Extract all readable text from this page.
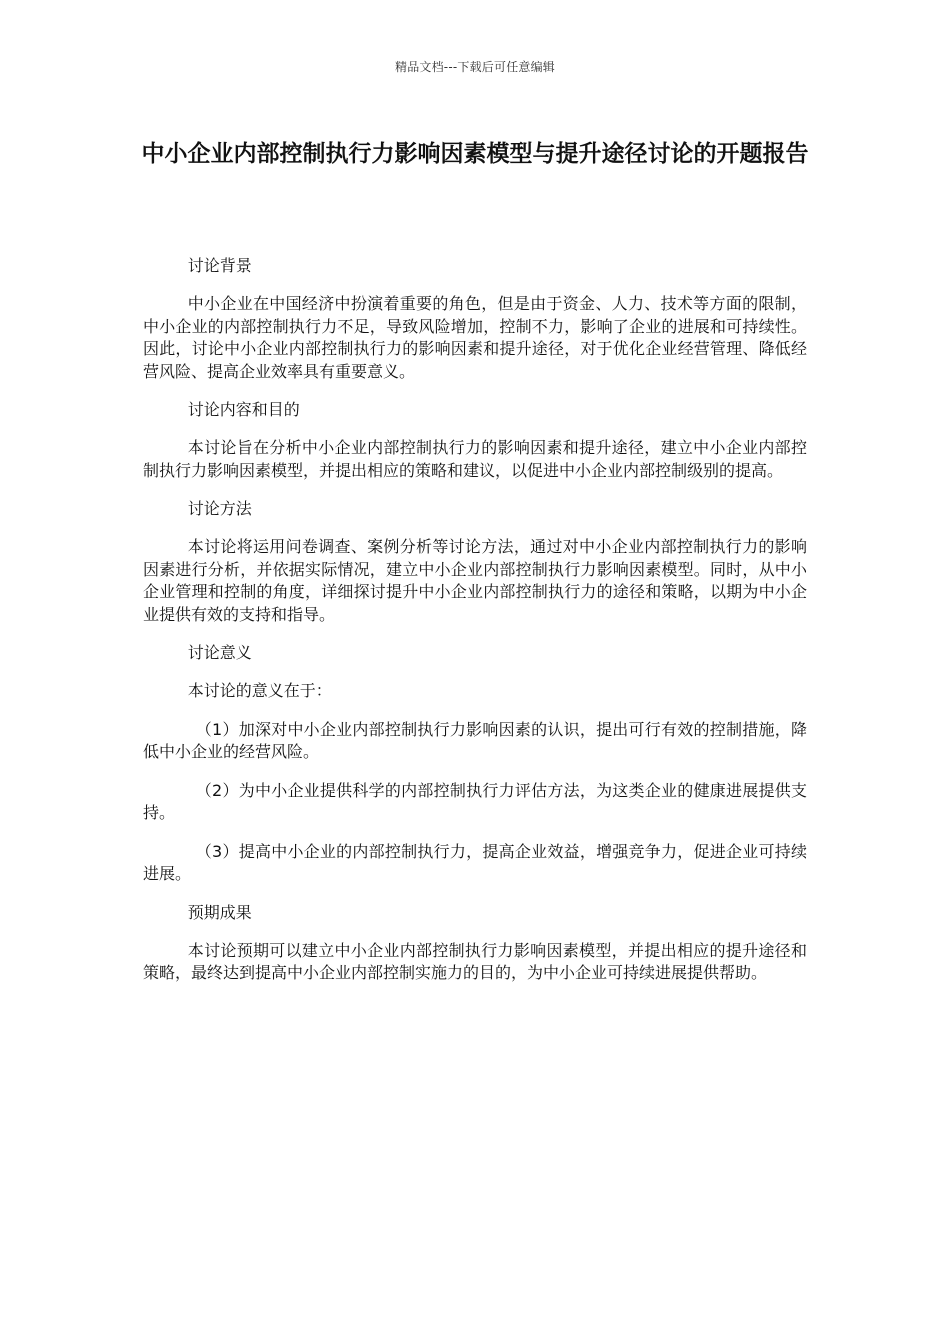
精品文档---下载后可任意编辑
中小企业内部控制执行力影响因素模型与提升途径讨论的开题报告
讨论背景
中小企业在中国经济中扮演着重要的角色，但是由于资金、人力、技术等方面的限制，中小企业的内部控制执行力不足，导致风险增加，控制不力，影响了企业的进展和可持续性。因此，讨论中小企业内部控制执行力的影响因素和提升途径，对于优化企业经营管理、降低经营风险、提高企业效率具有重要意义。
讨论内容和目的
本讨论旨在分析中小企业内部控制执行力的影响因素和提升途径，建立中小企业内部控制执行力影响因素模型，并提出相应的策略和建议，以促进中小企业内部控制级别的提高。
讨论方法
本讨论将运用问卷调查、案例分析等讨论方法，通过对中小企业内部控制执行力的影响因素进行分析，并依据实际情况，建立中小企业内部控制执行力影响因素模型。同时，从中小企业管理和控制的角度，详细探讨提升中小企业内部控制执行力的途径和策略，以期为中小企业提供有效的支持和指导。
讨论意义
本讨论的意义在于：
（1）加深对中小企业内部控制执行力影响因素的认识，提出可行有效的控制措施，降低中小企业的经营风险。
（2）为中小企业提供科学的内部控制执行力评估方法，为这类企业的健康进展提供支持。
（3）提高中小企业的内部控制执行力，提高企业效益，增强竞争力，促进企业可持续进展。
预期成果
本讨论预期可以建立中小企业内部控制执行力影响因素模型，并提出相应的提升途径和策略，最终达到提高中小企业内部控制实施力的目的，为中小企业可持续进展提供帮助。
